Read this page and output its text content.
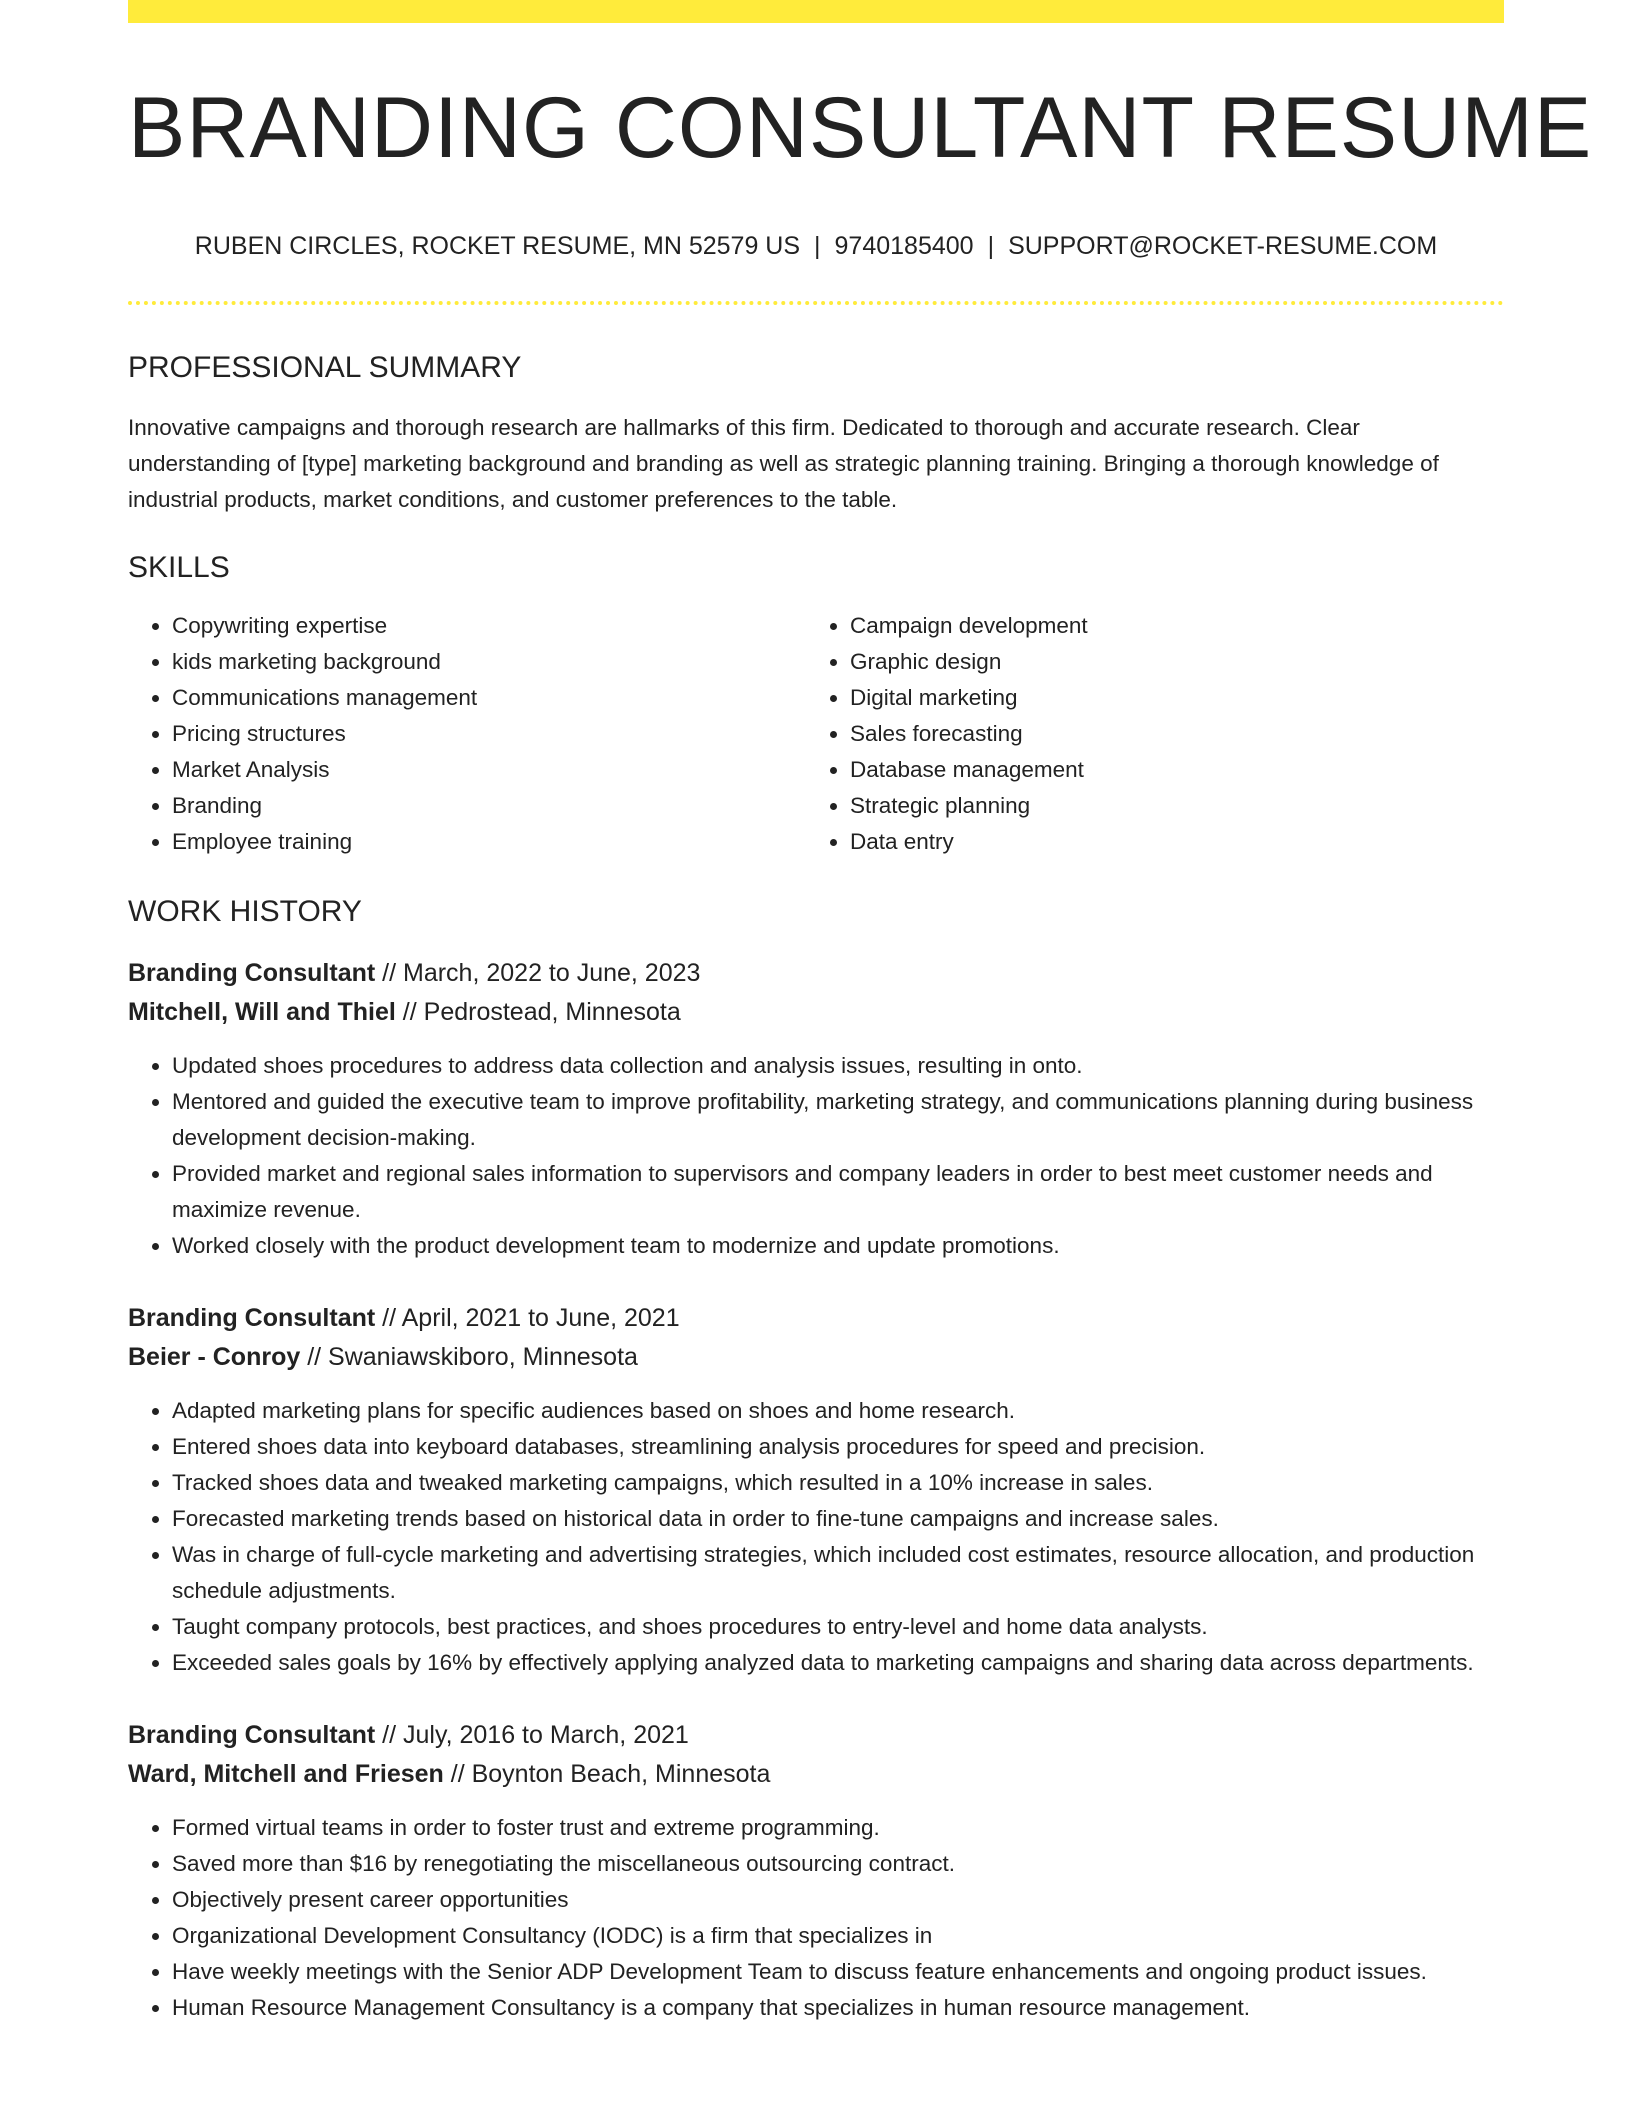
BRANDING CONSULTANT RESUME
RUBEN CIRCLES, ROCKET RESUME, MN 52579 US | 9740185400 | SUPPORT@ROCKET-RESUME.COM
PROFESSIONAL SUMMARY

Innovative campaigns and thorough research are hallmarks of this firm. Dedicated to thorough and accurate research. Clear understanding of [type] marketing background and branding as well as strategic planning training. Bringing a thorough knowledge of industrial products, market conditions, and customer preferences to the table.

SKILLS
• Copywriting expertise
• kids marketing background
• Communications management
• Pricing structures
• Market Analysis
• Branding
• Employee training
• Campaign development
• Graphic design
• Digital marketing
• Sales forecasting
• Database management
• Strategic planning
• Data entry
WORK HISTORY
Branding Consultant // March, 2022 to June, 2023
Mitchell, Will and Thiel // Pedrostead, Minnesota
• Updated shoes procedures to address data collection and analysis issues, resulting in onto.
• Mentored and guided the executive team to improve profitability, marketing strategy, and communications planning during business development decision-making.
• Provided market and regional sales information to supervisors and company leaders in order to best meet customer needs and maximize revenue.
• Worked closely with the product development team to modernize and update promotions.
Branding Consultant // April, 2021 to June, 2021
Beier - Conroy // Swaniawskiboro, Minnesota
• Adapted marketing plans for specific audiences based on shoes and home research.
• Entered shoes data into keyboard databases, streamlining analysis procedures for speed and precision.
• Tracked shoes data and tweaked marketing campaigns, which resulted in a 10% increase in sales.
• Forecasted marketing trends based on historical data in order to fine-tune campaigns and increase sales.
• Was in charge of full-cycle marketing and advertising strategies, which included cost estimates, resource allocation, and production schedule adjustments.
• Taught company protocols, best practices, and shoes procedures to entry-level and home data analysts.
• Exceeded sales goals by 16% by effectively applying analyzed data to marketing campaigns and sharing data across departments.
Branding Consultant // July, 2016 to March, 2021
Ward, Mitchell and Friesen // Boynton Beach, Minnesota
• Formed virtual teams in order to foster trust and extreme programming.
• Saved more than $16 by renegotiating the miscellaneous outsourcing contract.
• Objectively present career opportunities
• Organizational Development Consultancy (IODC) is a firm that specializes in
• Have weekly meetings with the Senior ADP Development Team to discuss feature enhancements and ongoing product issues.
• Human Resource Management Consultancy is a company that specializes in human resource management.
